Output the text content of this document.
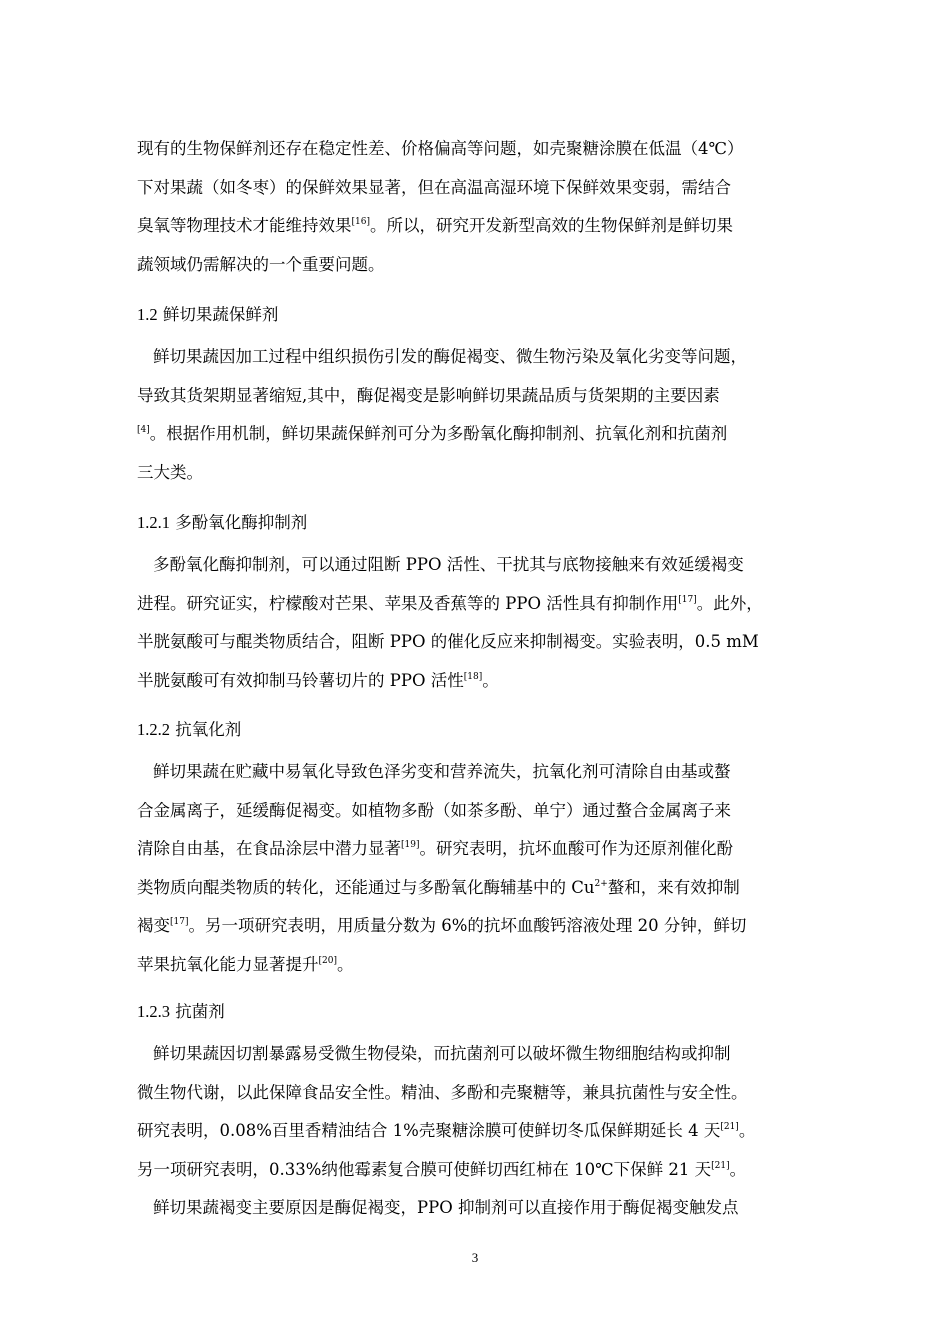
现有的生物保鲜剂还存在稳定性差、价格偏高等问题，如壳聚糖涂膜在低温（4℃）
下对果蔬（如冬枣）的保鲜效果显著，但在高温高湿环境下保鲜效果变弱，需结合
臭氧等物理技术才能维持效果[16]。所以，研究开发新型高效的生物保鲜剂是鲜切果
蔬领域仍需解决的一个重要问题。
1.2 鲜切果蔬保鲜剂
鲜切果蔬因加工过程中组织损伤引发的酶促褐变、微生物污染及氧化劣变等问题，
导致其货架期显著缩短,其中，酶促褐变是影响鲜切果蔬品质与货架期的主要因素
[4]。根据作用机制，鲜切果蔬保鲜剂可分为多酚氧化酶抑制剂、抗氧化剂和抗菌剂
三大类。
1.2.1 多酚氧化酶抑制剂
多酚氧化酶抑制剂，可以通过阻断 PPO 活性、干扰其与底物接触来有效延缓褐变
进程。研究证实，柠檬酸对芒果、苹果及香蕉等的 PPO 活性具有抑制作用[17]。此外，
半胱氨酸可与醌类物质结合，阻断 PPO 的催化反应来抑制褐变。实验表明，0.5 mM
半胱氨酸可有效抑制马铃薯切片的 PPO 活性[18]。
1.2.2 抗氧化剂
鲜切果蔬在贮藏中易氧化导致色泽劣变和营养流失，抗氧化剂可清除自由基或螯
合金属离子，延缓酶促褐变。如植物多酚（如茶多酚、单宁）通过螯合金属离子来
清除自由基，在食品涂层中潜力显著[19]。研究表明，抗坏血酸可作为还原剂催化酚
类物质向醌类物质的转化，还能通过与多酚氧化酶辅基中的 $Cu^{2+}$螯和，来有效抑制
褐变[17]。另一项研究表明，用质量分数为 6%的抗坏血酸钙溶液处理 20 分钟，鲜切
苹果抗氧化能力显著提升[20]。
1.2.3 抗菌剂
鲜切果蔬因切割暴露易受微生物侵染，而抗菌剂可以破坏微生物细胞结构或抑制
微生物代谢，以此保障食品安全性。精油、多酚和壳聚糖等，兼具抗菌性与安全性。
研究表明，0.08%百里香精油结合 1%壳聚糖涂膜可使鲜切冬瓜保鲜期延长 4 天[21]。
另一项研究表明，0.33%纳他霉素复合膜可使鲜切西红柿在 10℃下保鲜 21 天[21]。
鲜切果蔬褐变主要原因是酶促褐变，PPO 抑制剂可以直接作用于酶促褐变触发点
3
